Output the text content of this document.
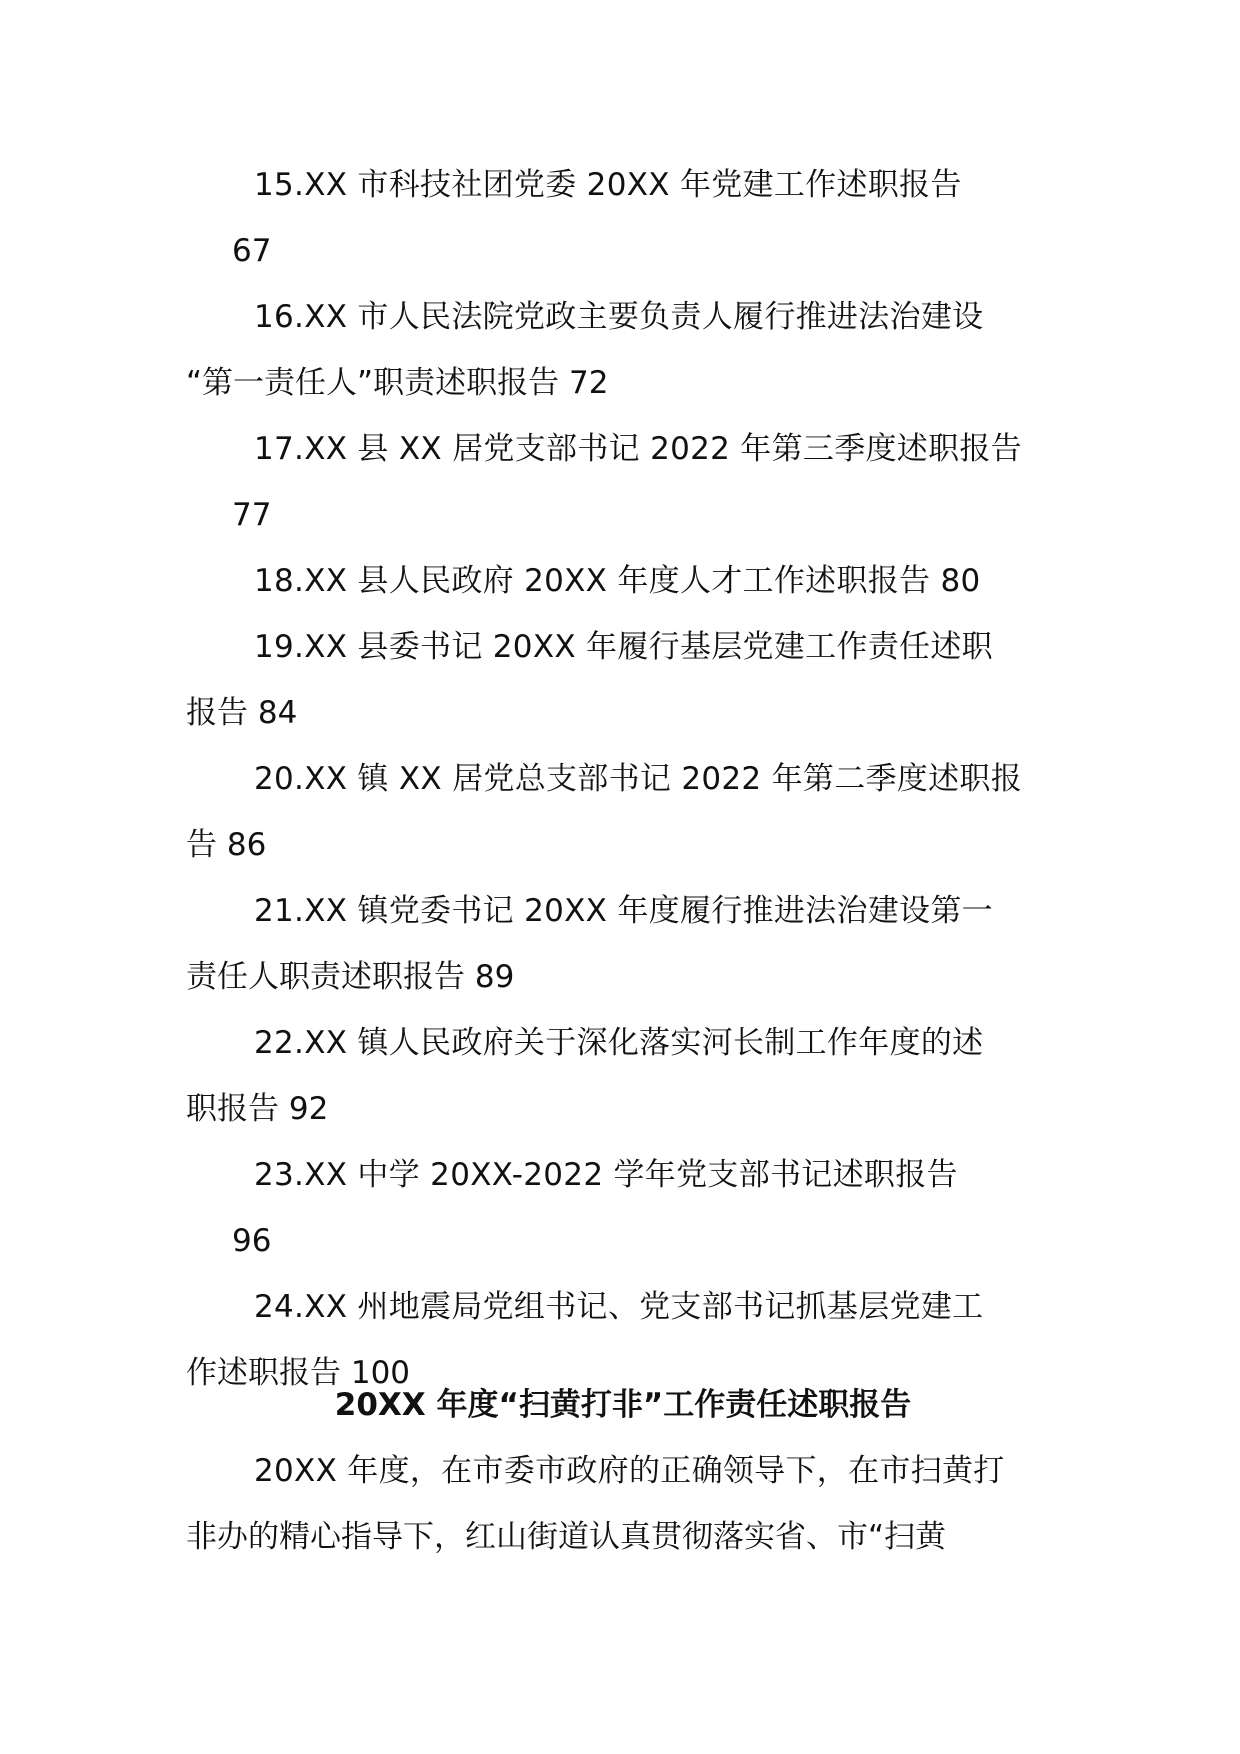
15.XX 市科技社团党委 20XX 年党建工作述职报告
67
16.XX 市人民法院党政主要负责人履行推进法治建设
“第一责任人”职责述职报告 72
17.XX 县 XX 居党支部书记 2022 年第三季度述职报告
77
18.XX 县人民政府 20XX 年度人才工作述职报告 80
19.XX 县委书记 20XX 年履行基层党建工作责任述职
报告 84
20.XX 镇 XX 居党总支部书记 2022 年第二季度述职报
告 86
21.XX 镇党委书记 20XX 年度履行推进法治建设第一
责任人职责述职报告 89
22.XX 镇人民政府关于深化落实河长制工作年度的述
职报告 92
23.XX 中学 20XX-2022 学年党支部书记述职报告
96
24.XX 州地震局党组书记、党支部书记抓基层党建工
作述职报告 100
20XX 年度“扫黄打非”工作责任述职报告
20XX 年度，在市委市政府的正确领导下，在市扫黄打
非办的精心指导下，红山街道认真贯彻落实省、市“扫黄
